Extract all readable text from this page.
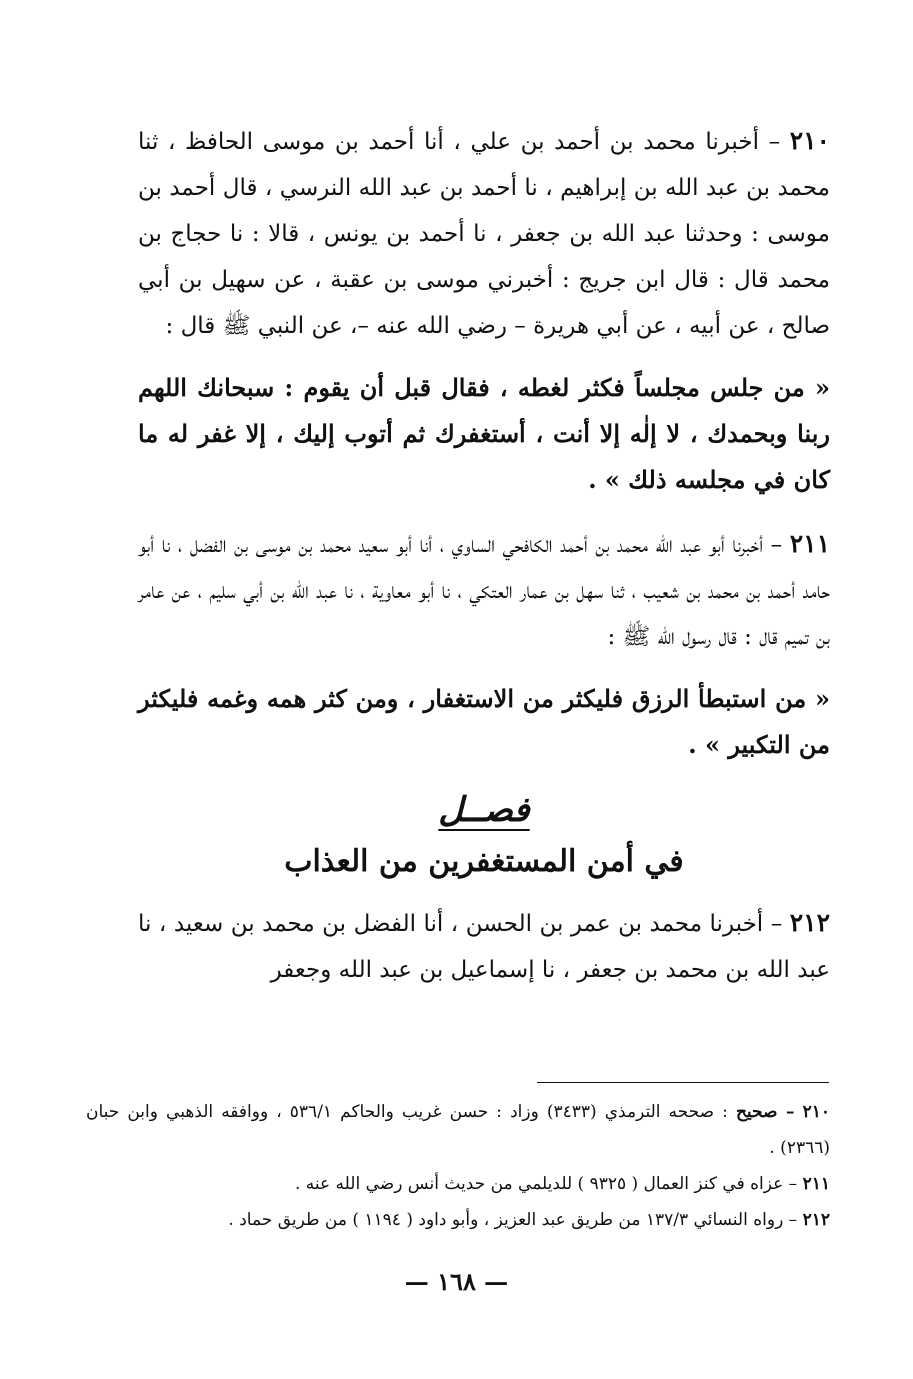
٢١٠ – أخبرنا محمد بن أحمد بن علي ، أنا أحمد بن موسى الحافظ ، ثنا محمد بن عبد الله بن إبراهيم ، نا أحمد بن عبد الله النرسي ، قال أحمد بن موسى : وحدثنا عبد الله بن جعفر ، نا أحمد بن يونس ، قالا : نا حجاج بن محمد قال : قال ابن جريج : أخبرني موسى بن عقبة ، عن سهيل بن أبي صالح ، عن أبيه ، عن أبي هريرة – رضي الله عنه –، عن النبي ﷺ قال :

« من جلس مجلساً فكثر لغطه ، فقال قبل أن يقوم : سبحانك اللهم ربنا وبحمدك ، لا إلٰه إلا أنت ، أستغفرك ثم أتوب إليك ، إلا غفر له ما كان في مجلسه ذلك » .

٢١١ – أخبرنا أبو عبد الله محمد بن أحمد الكافحي الساوي ، أنا أبو سعيد محمد بن موسى بن الفضل ، نا أبو حامد أحمد بن محمد بن شعيب ، ثنا سهل بن عمار العتكي ، نا أبو معاوية ، نا عبد الله بن أبي سليم ، عن عامر بن تميم قال : قال رسول الله ﷺ :

« من استبطأ الرزق فليكثر من الاستغفار ، ومن كثر همه وغمه فليكثر من التكبير » .

فصــل
في أمن المستغفرين من العذاب

٢١٢ – أخبرنا محمد بن عمر بن الحسن ، أنا الفضل بن محمد بن سعيد ، نا عبد الله بن محمد بن جعفر ، نا إسماعيل بن عبد الله وجعفر

٢١٠ – صحيح : صححه الترمذي (٣٤٣٣) وزاد : حسن غريب والحاكم ٥٣٦/١ ، ووافقه الذهبي وابن حبان (٢٣٦٦) .

٢١١ – عزاه في كنز العمال ( ٩٣٢٥ ) للديلمي من حديث أنس رضي الله عنه .

٢١٢ – رواه النسائي ١٣٧/٣ من طريق عبد العزيز ، وأبو داود ( ١١٩٤ ) من طريق حماد .

— ١٦٨ —
